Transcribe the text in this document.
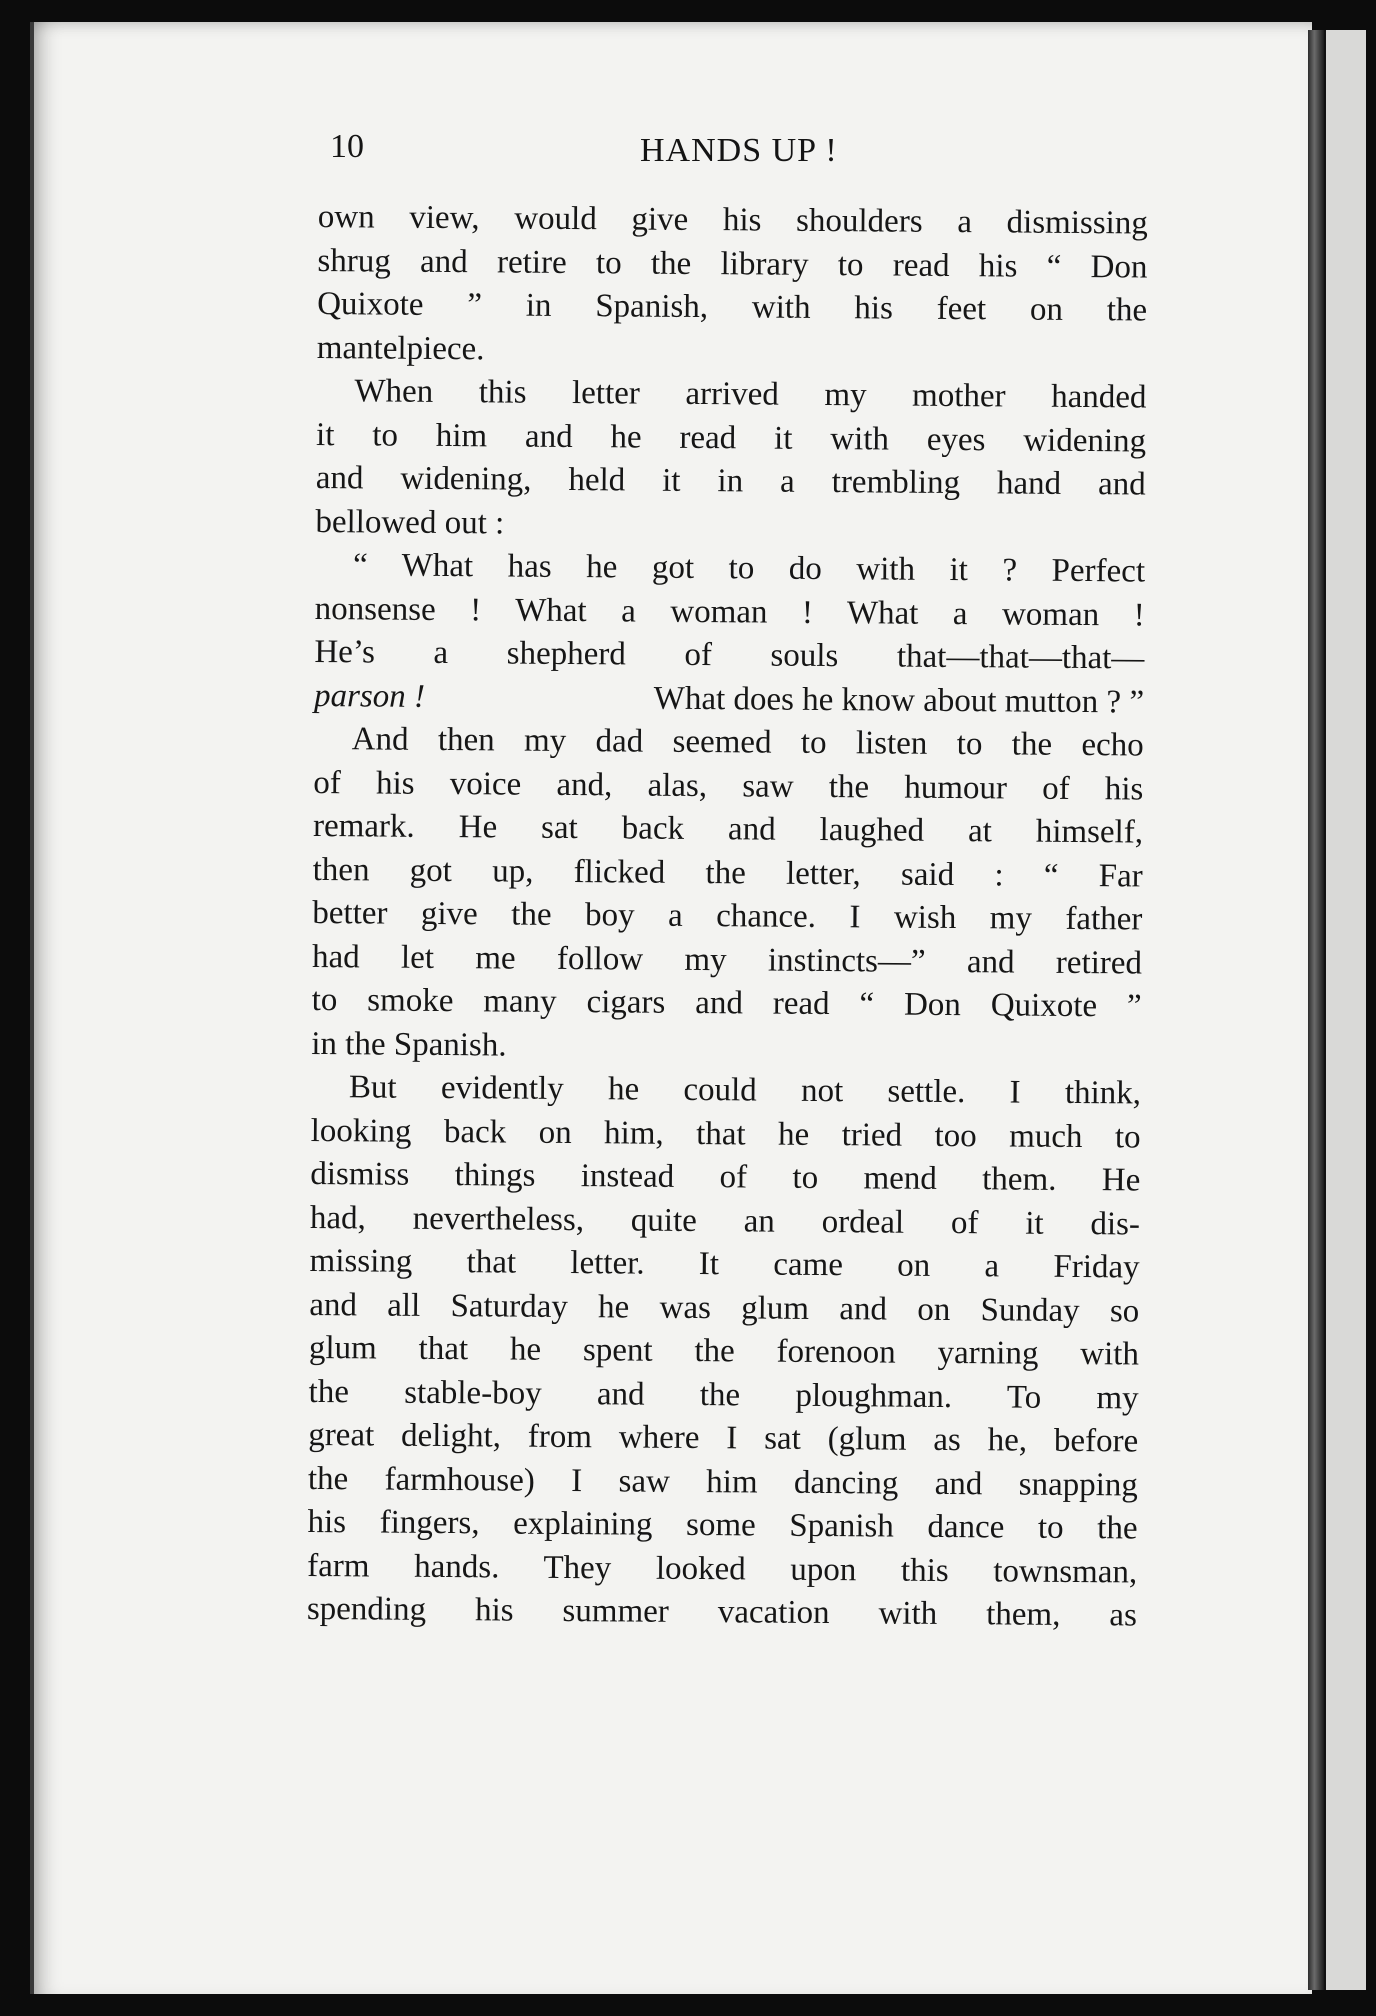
10	HANDS UP !

own view, would give his shoulders a dismissing
shrug and retire to the library to read his “ Don
Quixote ” in Spanish, with his feet on the
mantelpiece.

When this letter arrived my mother handed
it to him and he read it with eyes widening
and widening, held it in a trembling hand and
bellowed out :

“ What has he got to do with it ? Perfect
nonsense ! What a woman ! What a woman !
He’s a shepherd of souls that—that—that—
parson !	What does he know about mutton ? ”

And then my dad seemed to listen to the echo
of his voice and, alas, saw the humour of his
remark. He sat back and laughed at himself,
then got up, flicked the letter, said : “ Far
better give the boy a chance. I wish my father
had let me follow my instincts—” and retired
to smoke many cigars and read “ Don Quixote ”
in the Spanish.

But evidently he could not settle. I think,
looking back on him, that he tried too much to
dismiss things instead of to mend them. He
had, nevertheless, quite an ordeal of it dis-
missing that letter. It came on a Friday
and all Saturday he was glum and on Sunday so
glum that he spent the forenoon yarning with
the stable-boy and the ploughman. To my
great delight, from where I sat (glum as he, before
the farmhouse) I saw him dancing and snapping
his fingers, explaining some Spanish dance to the
farm hands. They looked upon this townsman,
spending his summer vacation with them, as
